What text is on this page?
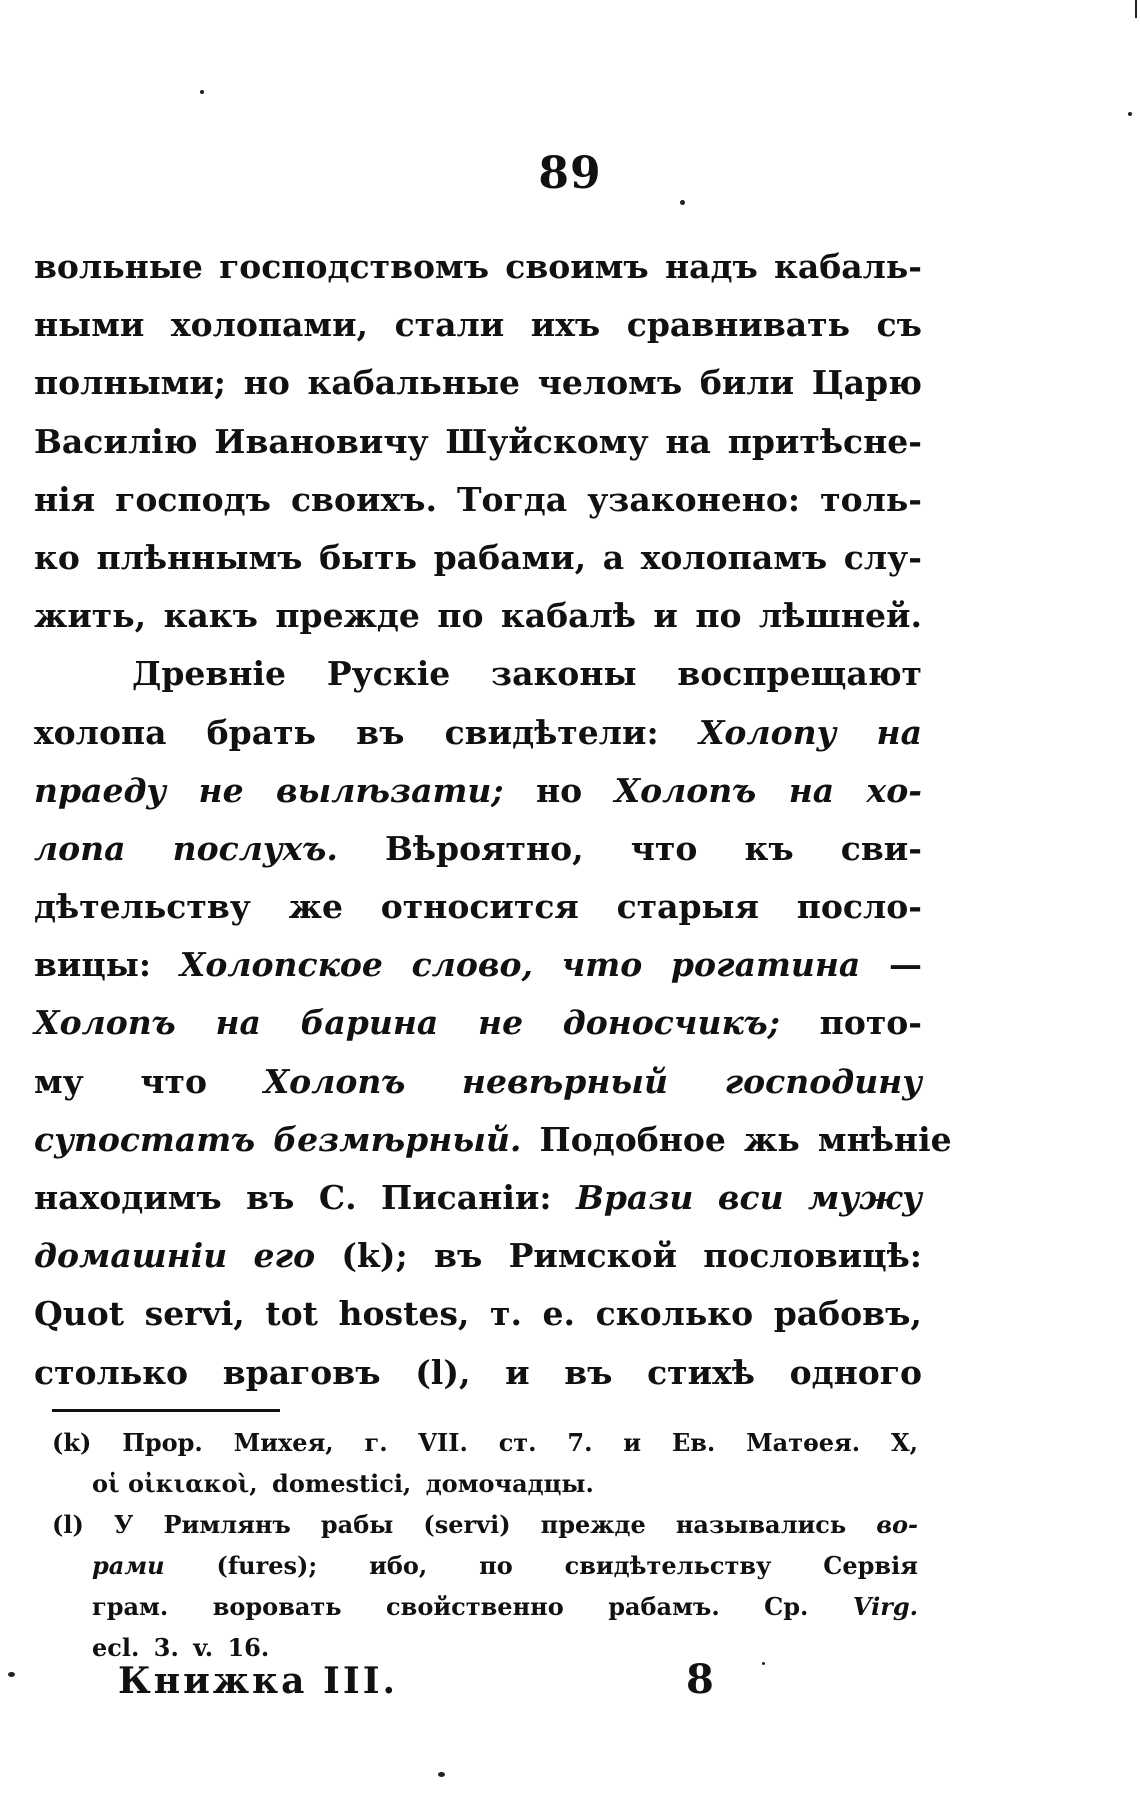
89
вольные господствомъ своимъ надъ кабаль-
ными холопами, стали ихъ сравнивать съ
полными; но кабальные челомъ били Царю
Василію Ивановичу Шуйскому на притѣсне-
нія господъ своихъ. Тогда узаконено: толь-
ко плѣннымъ быть рабами, а холопамъ слу-
жить, какъ прежде по кабалѣ и по лѣшней.
Древніе Рускіе законы воспрещают
холопа брать въ свидѣтели: Холопу на
праеду не вылѣзати; но Холопъ на хо-
лопа послухъ. Вѣроятно, что къ сви-
дѣтельству же относится старыя посло-
вицы: Холопское слово, что рогатина —
Холопъ на барина не доносчикъ; пото-
му что Холопъ невѣрный господину
супостатъ безмѣрный. Подобное жь мнѣніе
находимъ въ С. Писаніи: Врази вси мужу
домашніи его (k); въ Римской пословицѣ:
Quot servi, tot hostes, т. е. сколько рабовъ,
столько враговъ (l), и въ стихѣ одного
(k) Прор. Михея, г. VII. ст. 7. и Ев. Матѳея. X,
οἱ οἰκιακοὶ, domestici, домочадцы.
(l) У Римлянъ рабы (servi) прежде назывались во-
рами (fures); ибо, по свидѣтельству Сервія
грам. воровать свойственно рабамъ. Ср. Virg.
ecl. 3. v. 16.
Книжка III.	8
